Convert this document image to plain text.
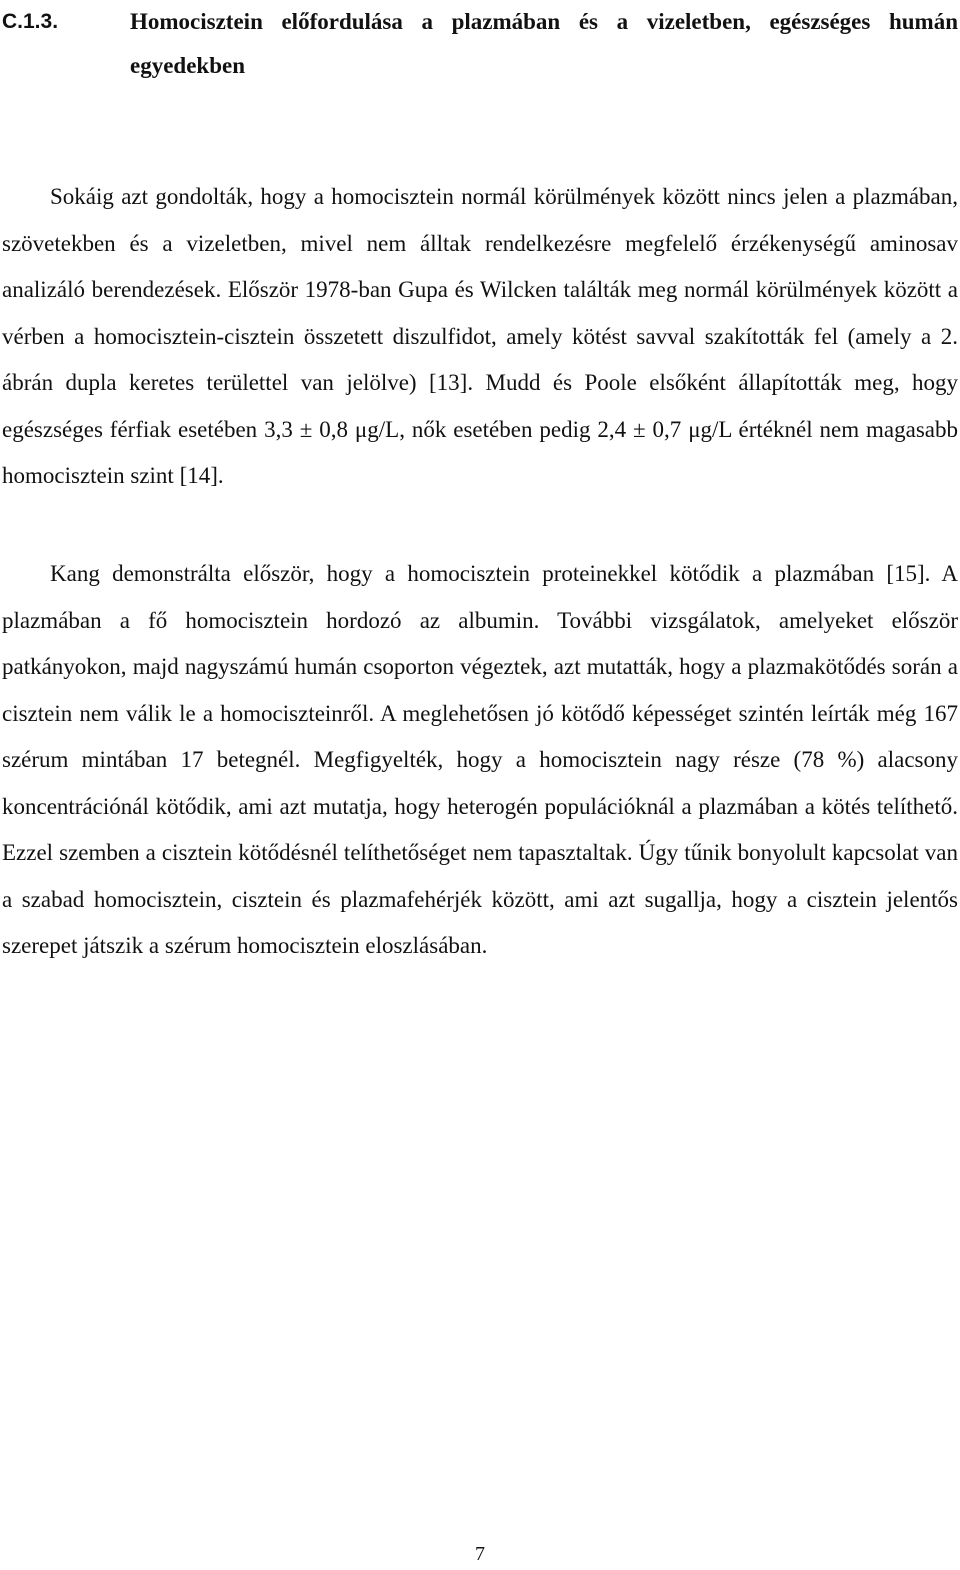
C.1.3.	Homocisztein előfordulása a plazmában és a vizeletben, egészséges humán egyedekben

Sokáig azt gondolták, hogy a homocisztein normál körülmények között nincs jelen a plazmában, szövetekben és a vizeletben, mivel nem álltak rendelkezésre megfelelő érzékenységű aminosav analizáló berendezések. Először 1978-ban Gupa és Wilcken találták meg normál körülmények között a vérben a homocisztein-cisztein összetett diszulfidot, amely kötést savval szakították fel (amely a 2. ábrán dupla keretes területtel van jelölve) [13]. Mudd és Poole elsőként állapították meg, hogy egészséges férfiak esetében 3,3 ± 0,8 μg/L, nők esetében pedig 2,4 ± 0,7 μg/L értéknél nem magasabb homocisztein szint [14].

Kang demonstrálta először, hogy a homocisztein proteinekkel kötődik a plazmában [15]. A plazmában a fő homocisztein hordozó az albumin. További vizsgálatok, amelyeket először patkányokon, majd nagyszámú humán csoporton végeztek, azt mutatták, hogy a plazmakötődés során a cisztein nem válik le a homociszteinről. A meglehetősen jó kötődő képességet szintén leírták még 167 szérum mintában 17 betegnél. Megfigyelték, hogy a homocisztein nagy része (78 %) alacsony koncentrációnál kötődik, ami azt mutatja, hogy heterogén populációknál a plazmában a kötés telíthető. Ezzel szemben a cisztein kötődésnél telíthetőséget nem tapasztaltak. Úgy tűnik bonyolult kapcsolat van a szabad homocisztein, cisztein és plazmafehérjék között, ami azt sugallja, hogy a cisztein jelentős szerepet játszik a szérum homocisztein eloszlásában.

7
